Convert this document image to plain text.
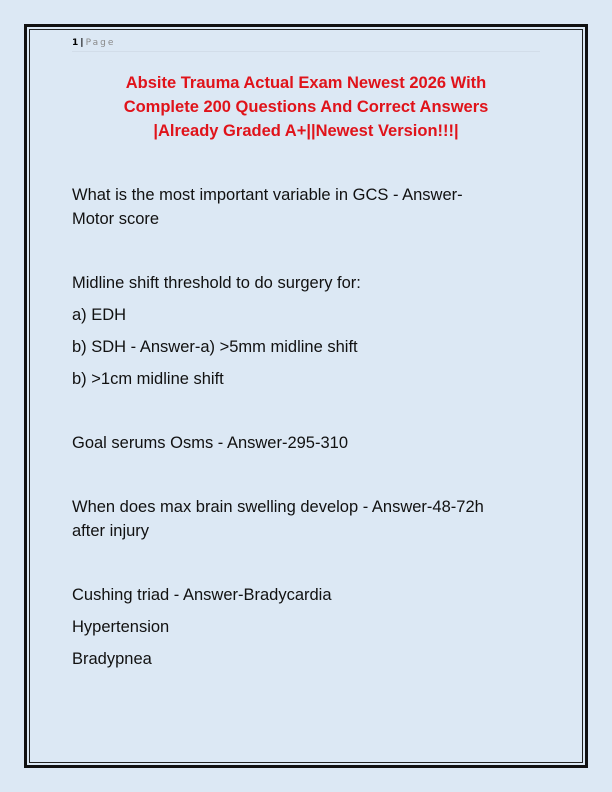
1 | Page
Absite Trauma Actual Exam Newest 2026 With
Complete 200 Questions And Correct Answers
|Already Graded A+||Newest Version!!!|
What is the most important variable in GCS - Answer-
Motor score
Midline shift threshold to do surgery for:
a) EDH
b) SDH - Answer-a) >5mm midline shift
b) >1cm midline shift
Goal serums Osms - Answer-295-310
When does max brain swelling develop - Answer-48-72h
after injury
Cushing triad - Answer-Bradycardia
Hypertension
Bradypnea
